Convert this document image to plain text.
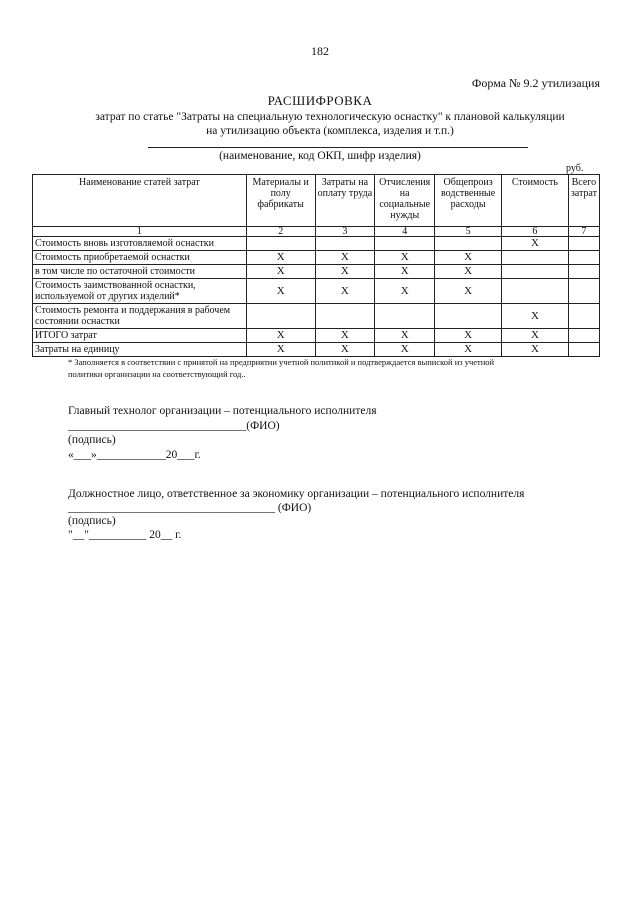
182
Форма № 9.2 утилизация
РАСШИФРОВКА
затрат по статье "Затраты на специальную технологическую оснастку" к плановой калькуляции
на утилизацию объекта (комплекса, изделия и т.п.)
(наименование, код ОКП, шифр изделия)
руб.
Наименование статей затрат	Материалы и полу фабрикаты	Затраты на оплату труда	Отчисления на социальные нужды	Общепроиз водственные расходы	Стоимость	Всего затрат
1	2	3	4	5	6	7
Стоимость вновь изготовляемой оснастки					X	
Стоимость приобретаемой оснастки	X	X	X	X		
в том числе по остаточной стоимости	X	X	X	X		
Стоимость заимствованной оснастки, используемой от других изделий*	X	X	X	X		
Стоимость ремонта и поддержания в рабочем состоянии оснастки					X	
ИТОГО затрат	X	X	X	X	X	
Затраты на единицу	X	X	X	X	X	
* Заполняется в соответствии с принятой на предприятии учетной политикой и подтверждается выпиской из учетной
политики организации на соответствующий год..
Главный технолог организации – потенциального исполнителя
_______________________________(ФИО)
(подпись)
«___»____________20___г.
Должностное лицо, ответственное за экономику организации – потенциального исполнителя
____________________________________ (ФИО)
(подпись)
"__"__________ 20__ г.
